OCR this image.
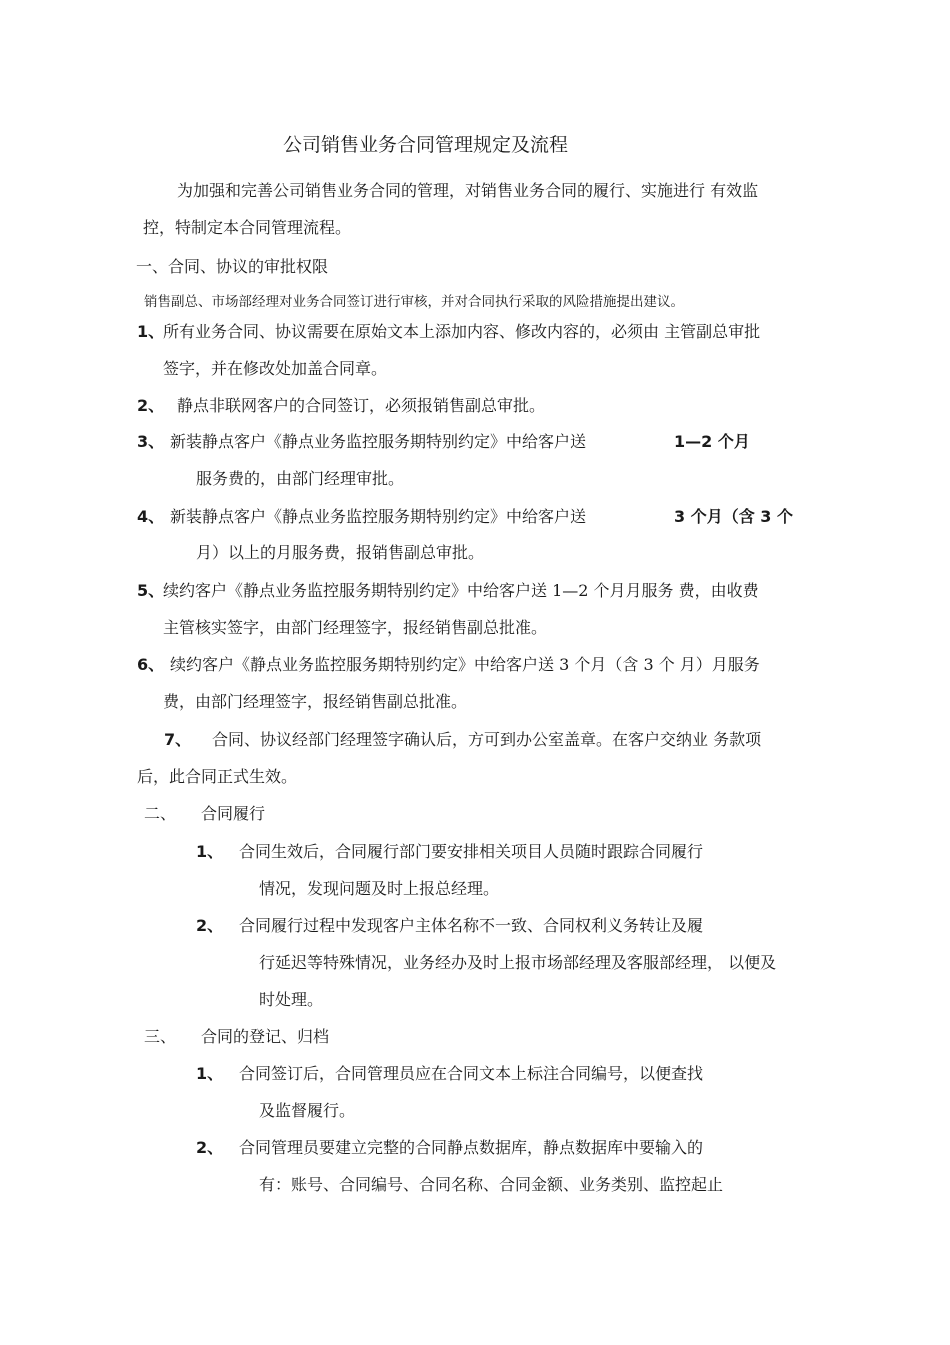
公司销售业务合同管理规定及流程
为加强和完善公司销售业务合同的管理，对销售业务合同的履行、实施进行 有效监
控，特制定本合同管理流程。
一、合同、协议的审批权限
销售副总、市场部经理对业务合同签订进行审核，并对合同执行采取的风险措施提出建议。
1、
所有业务合同、协议需要在原始文本上添加内容、修改内容的，必须由 主管副总审批
签字，并在修改处加盖合同章。
2、 静点非联网客户的合同签订，必须报销售副总审批。
3、 新装静点客户《静点业务监控服务期特别约定》中给客户送	1—2 个月
服务费的，由部门经理审批。
4、 新装静点客户《静点业务监控服务期特别约定》中给客户送	3 个月（含 3 个
月）以上的月服务费，报销售副总审批。
5、
续约客户《静点业务监控服务期特别约定》中给客户送 1—2 个月月服务 费，由收费
主管核实签字，由部门经理签字，报经销售副总批准。
6、 续约客户《静点业务监控服务期特别约定》中给客户送 3 个月（含 3 个 月）月服务
费，由部门经理签字，报经销售副总批准。
7、 合同、协议经部门经理签字确认后，方可到办公室盖章。在客户交纳业 务款项
后，此合同正式生效。
二、 合同履行
1、 合同生效后，合同履行部门要安排相关项目人员随时跟踪合同履行
情况，发现问题及时上报总经理。
2、 合同履行过程中发现客户主体名称不一致、合同权利义务转让及履
行延迟等特殊情况，业务经办及时上报市场部经理及客服部经理， 以便及
时处理。
三、 合同的登记、归档
1、 合同签订后，合同管理员应在合同文本上标注合同编号，以便查找
及监督履行。
2、 合同管理员要建立完整的合同静点数据库，静点数据库中要输入的
有：账号、合同编号、合同名称、合同金额、业务类别、监控起止
